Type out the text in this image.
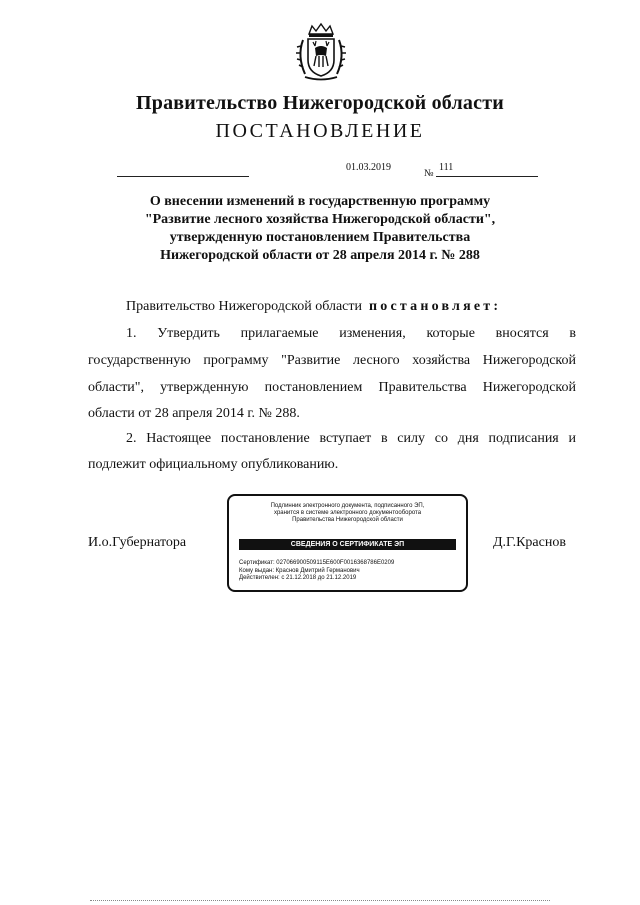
Правительство Нижегородской области
ПОСТАНОВЛЕНИЕ
01.03.2019
№
111
О внесении изменений в государственную программу
"Развитие лесного хозяйства Нижегородской области",
утвержденную постановлением Правительства
Нижегородской области от 28 апреля 2014 г. № 288
Правительство Нижегородской области постановляет:
1. Утвердить прилагаемые изменения, которые вносятся в
государственную программу "Развитие лесного хозяйства Нижегородской
области", утвержденную постановлением Правительства Нижегородской
области от 28 апреля 2014 г. № 288.
2. Настоящее постановление вступает в силу со дня подписания и
подлежит официальному опубликованию.
И.о.Губернатора	Д.Г.Краснов
Подлинник электронного документа, подписанного ЭП,
хранится в системе электронного документооборота
Правительства Нижегородской области
СВЕДЕНИЯ О СЕРТИФИКАТЕ ЭП
Сертификат: 027066900509115E600F0016368786E0209
Кому выдан: Краснов Дмитрий Германович
Действителен: с 21.12.2018 до 21.12.2019
